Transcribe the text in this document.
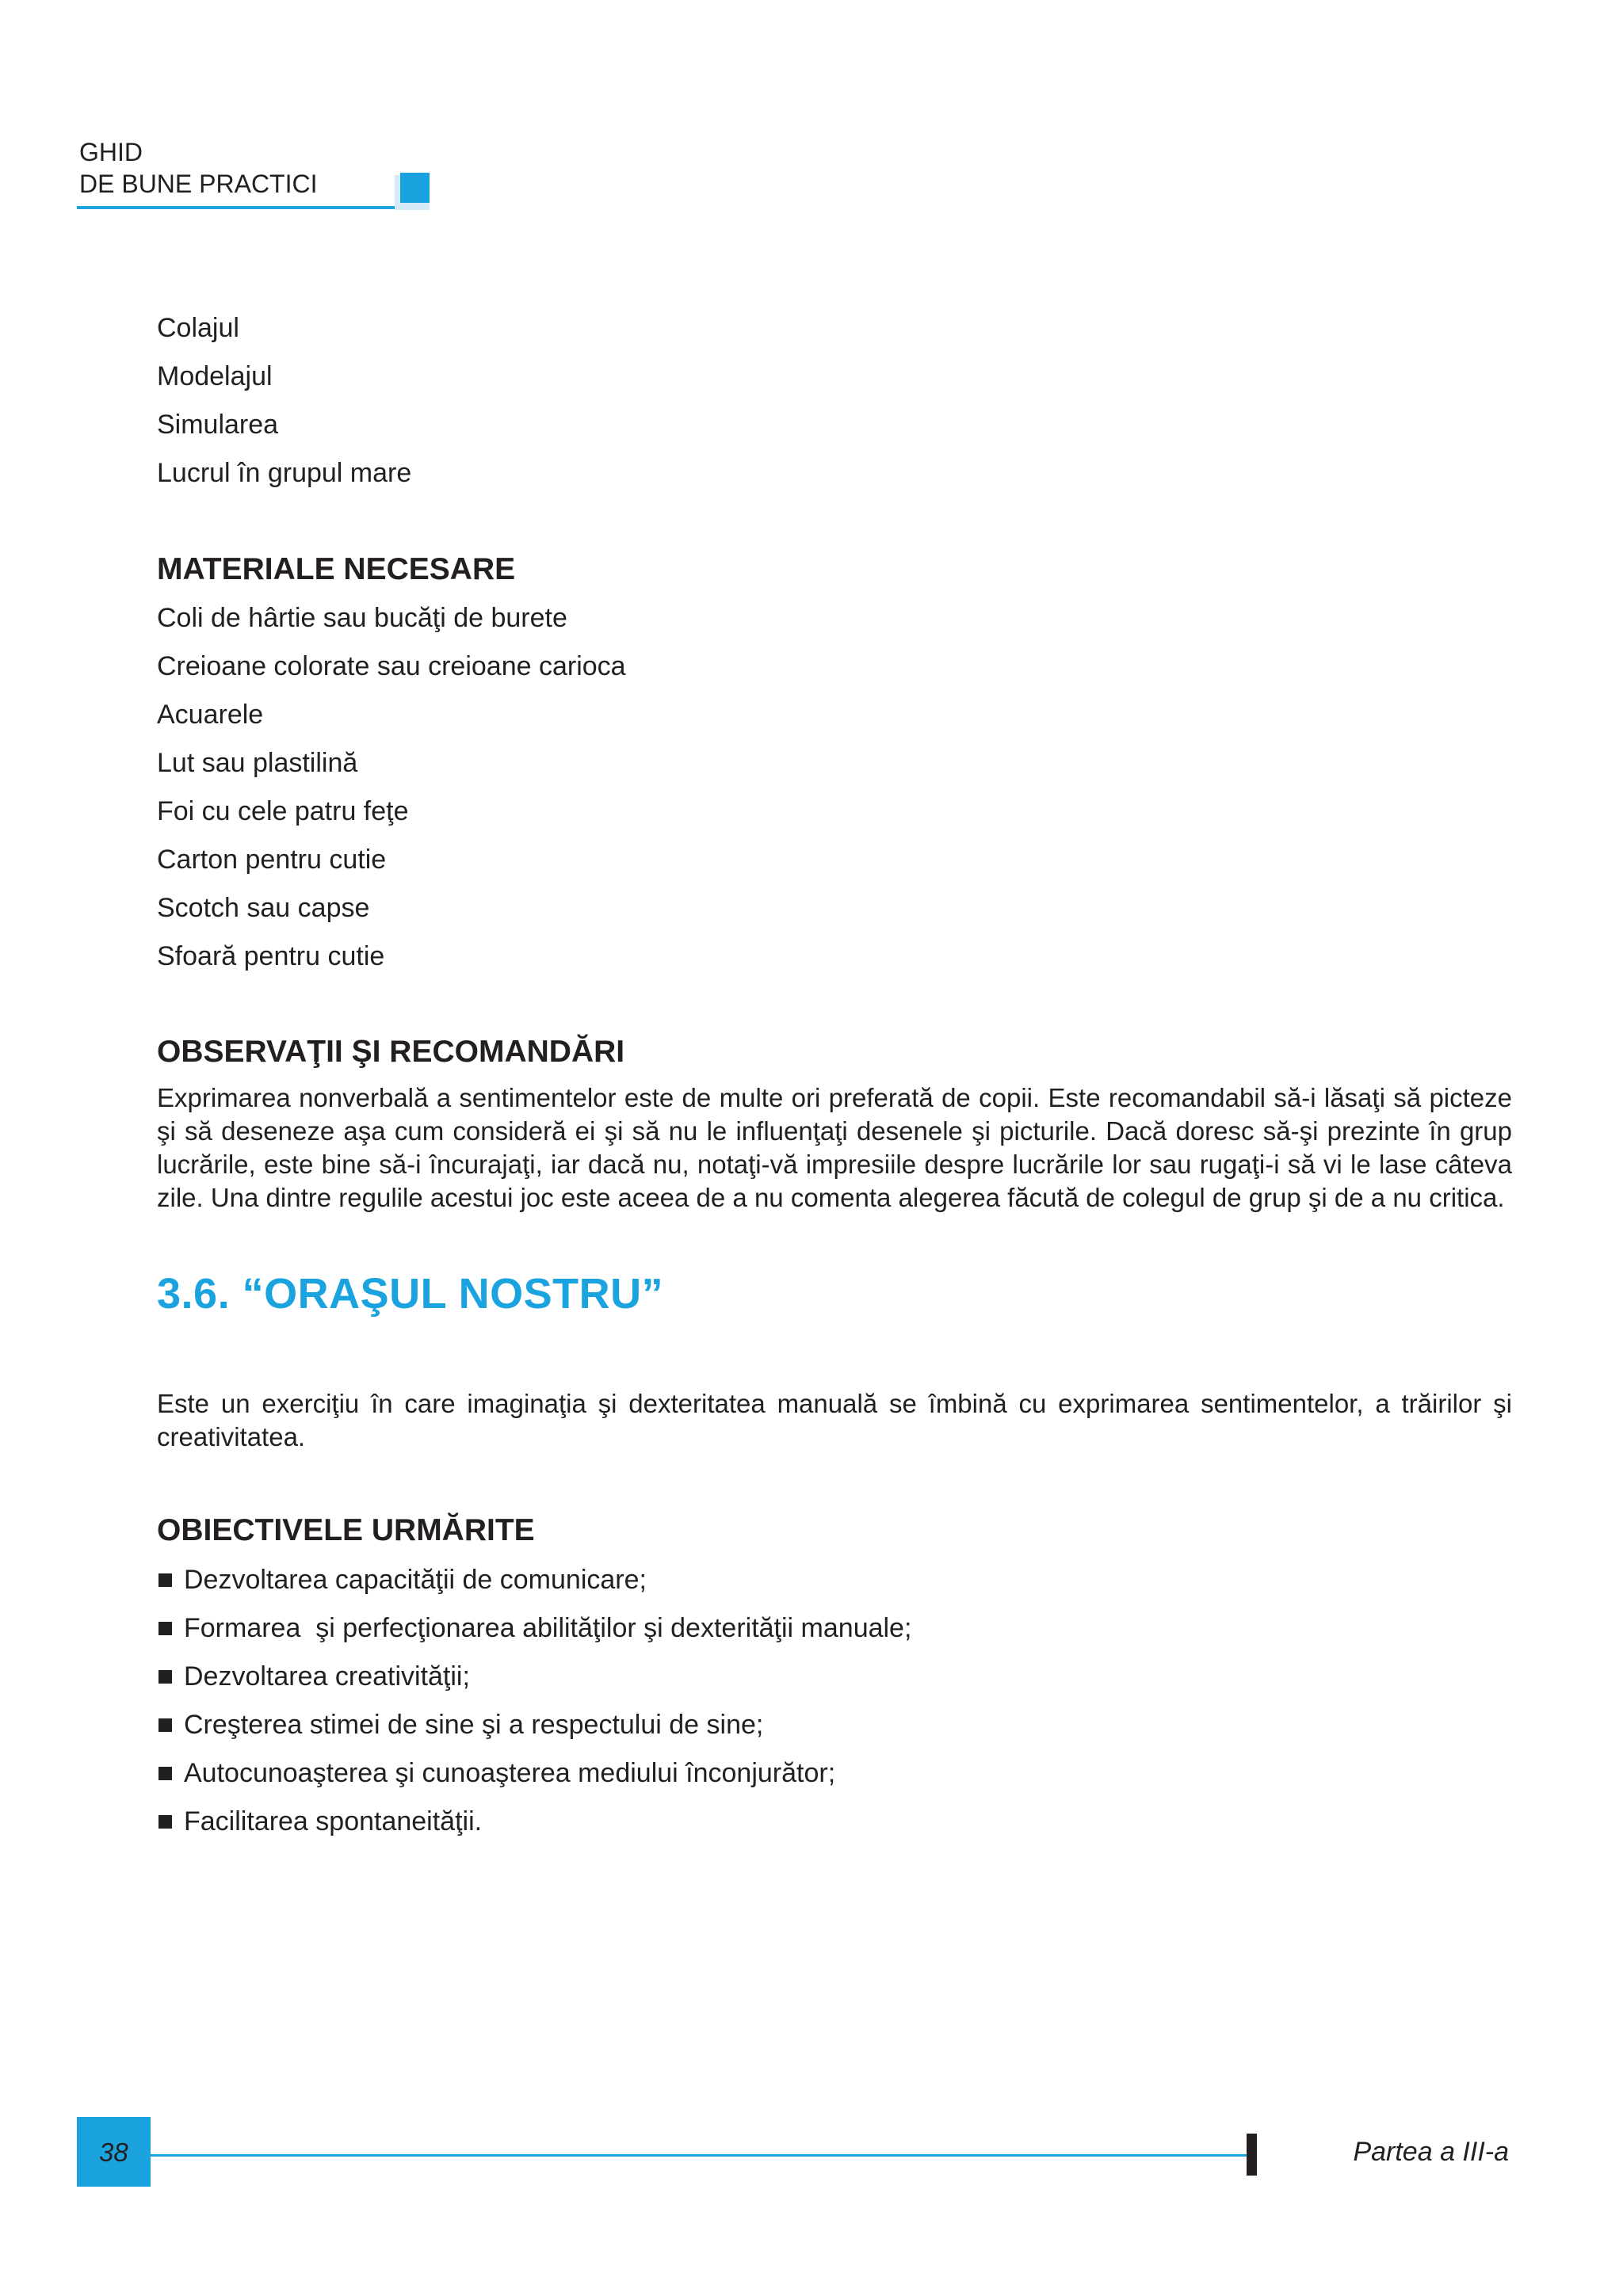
GHID
DE BUNE PRACTICI
Colajul
Modelajul
Simularea
Lucrul în grupul mare
MATERIALE NECESARE
Coli de hârtie sau bucăţi de burete
Creioane colorate sau creioane carioca
Acuarele
Lut sau plastilină
Foi cu cele patru feţe
Carton pentru cutie
Scotch sau capse
Sfoară pentru cutie
OBSERVAŢII ŞI RECOMANDĂRI
Exprimarea nonverbală a sentimentelor este de multe ori preferată de copii. Este recomandabil să-i lăsaţi să picteze şi să deseneze aşa cum consideră ei şi să nu le influenţaţi desenele şi picturile. Dacă doresc să-şi prezinte în grup lucrările, este bine să-i încurajaţi, iar dacă nu, notaţi-vă impresiile despre lucrările lor sau rugaţi-i să vi le lase câteva zile. Una dintre regulile acestui joc este aceea de a nu comenta alegerea făcută de colegul de grup şi de a nu critica.
3.6. “ORAŞUL NOSTRU”
Este un exerciţiu în care imaginaţia şi dexteritatea manuală se îmbină cu exprimarea sentimentelor, a trăirilor şi creativitatea.
OBIECTIVELE URMĂRITE
Dezvoltarea capacităţii de comunicare;
Formarea  şi perfecţionarea abilităţilor şi dexterităţii manuale;
Dezvoltarea creativităţii;
Creşterea stimei de sine şi a respectului de sine;
Autocunoaşterea şi cunoaşterea mediului înconjurător;
Facilitarea spontaneităţii.
38	Partea a III-a
